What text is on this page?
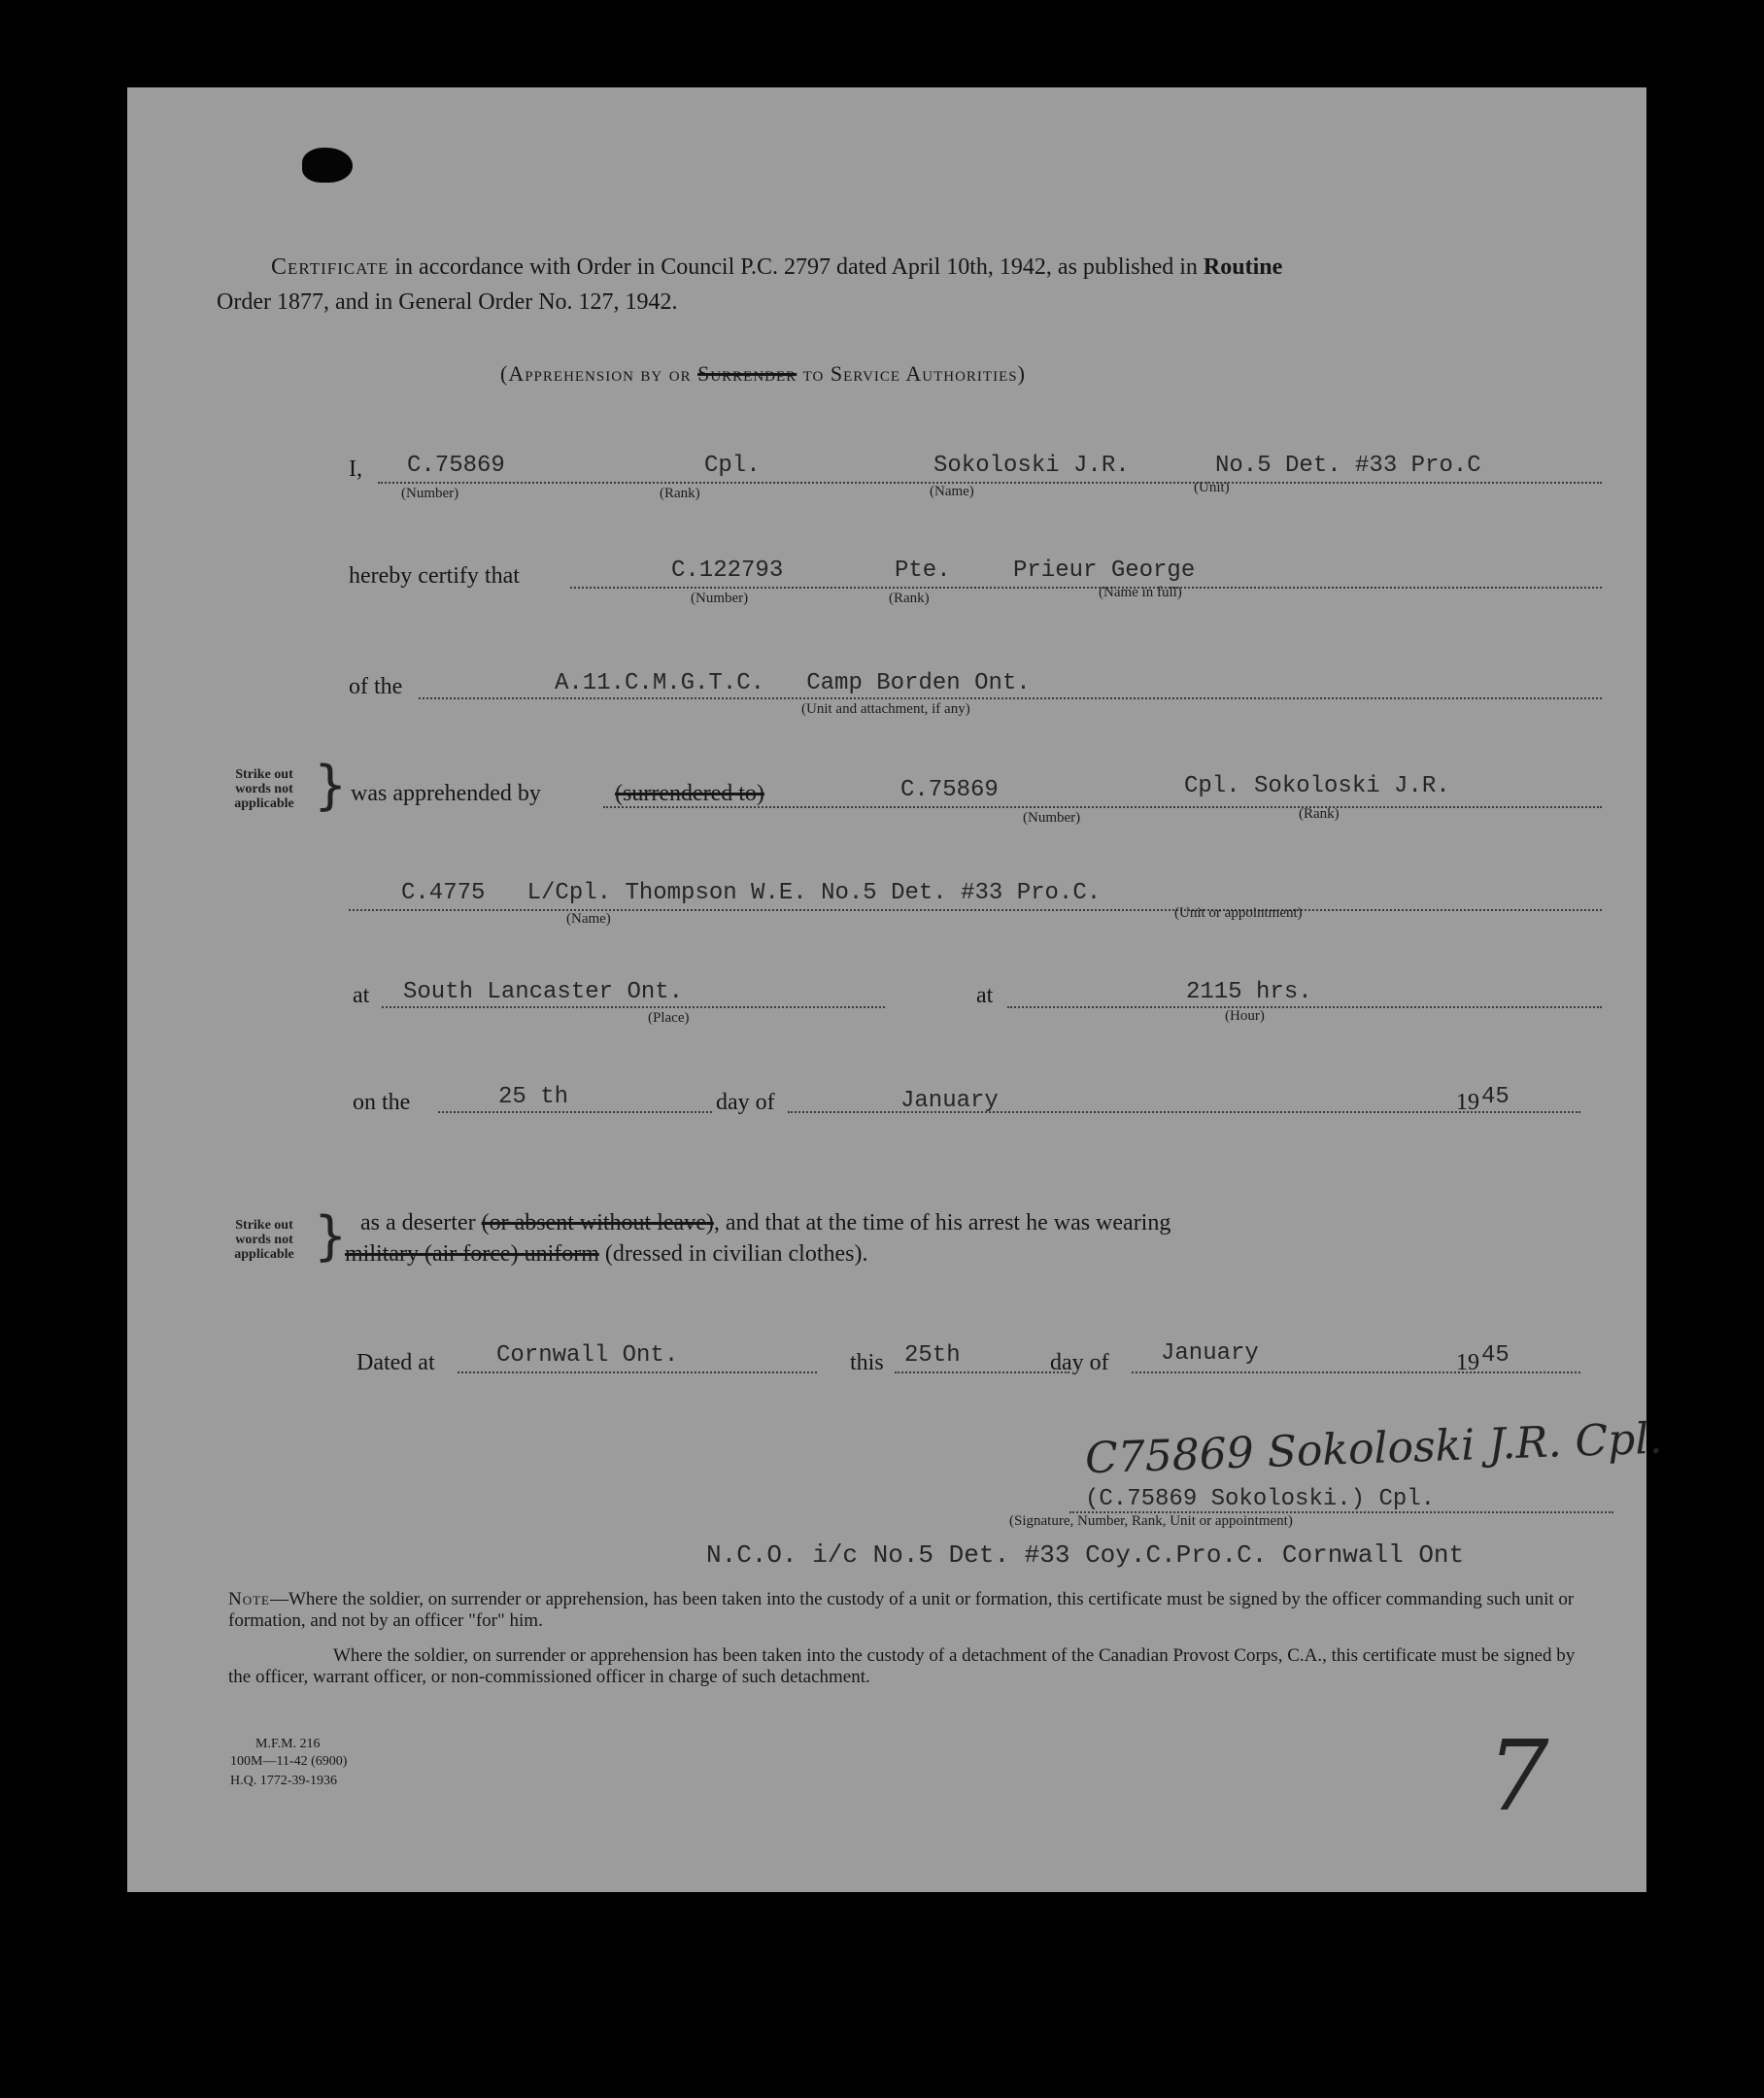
Certificate in accordance with Order in Council P.C. 2797 dated April 10th, 1942, as published in Routine
Order 1877, and in General Order No. 127, 1942.
(Apprehension by or Surrender to Service Authorities)
I, C.75869	Cpl.	Sokoloski J.R.	No.5 Det. #33 Pro.C
(Number)	(Rank)	(Name)	(Unit)
hereby certify that	C.122793	Pte.	Prieur George
(Number)	(Rank)	(Name in full)
of the	A.11.C.M.G.T.C.   Camp Borden Ont.
(Unit and attachment, if any)
Strike out words not applicable } was apprehended by	(surrendered to)	C.75869	Cpl. Sokoloski J.R.
(Number)	(Rank)
C.4775   L/Cpl. Thompson W.E. No.5 Det. #33 Pro.C.
(Name)	(Unit or appointment)
at South Lancaster Ont.	at	2115 hrs.
(Place)	(Hour)
on the	25 th	day of	January	19 45
Strike out words not applicable } as a deserter (or absent without leave), and that at the time of his arrest he was wearing
military (air force) uniform (dressed in civilian clothes).
Dated at	Cornwall Ont.	this 25th	day of January	19 45
C75869 Sokoloski J.R. Cpl.
(C.75869 Sokoloski.) Cpl.
(Signature, Number, Rank, Unit or appointment)
N.C.O. i/c No.5 Det. #33 Coy.C.Pro.C. Cornwall Ont
Note—Where the soldier, on surrender or apprehension, has been taken into the custody of a unit or formation, this certificate must be signed by the officer commanding such unit or formation, and not by an officer "for" him.
Where the soldier, on surrender or apprehension has been taken into the custody of a detachment of the Canadian Provost Corps, C.A., this certificate must be signed by the officer, warrant officer, or non-commissioned officer in charge of such detachment.
M.F.M. 216
100M—11-42 (6900)
H.Q. 1772-39-1936	7
